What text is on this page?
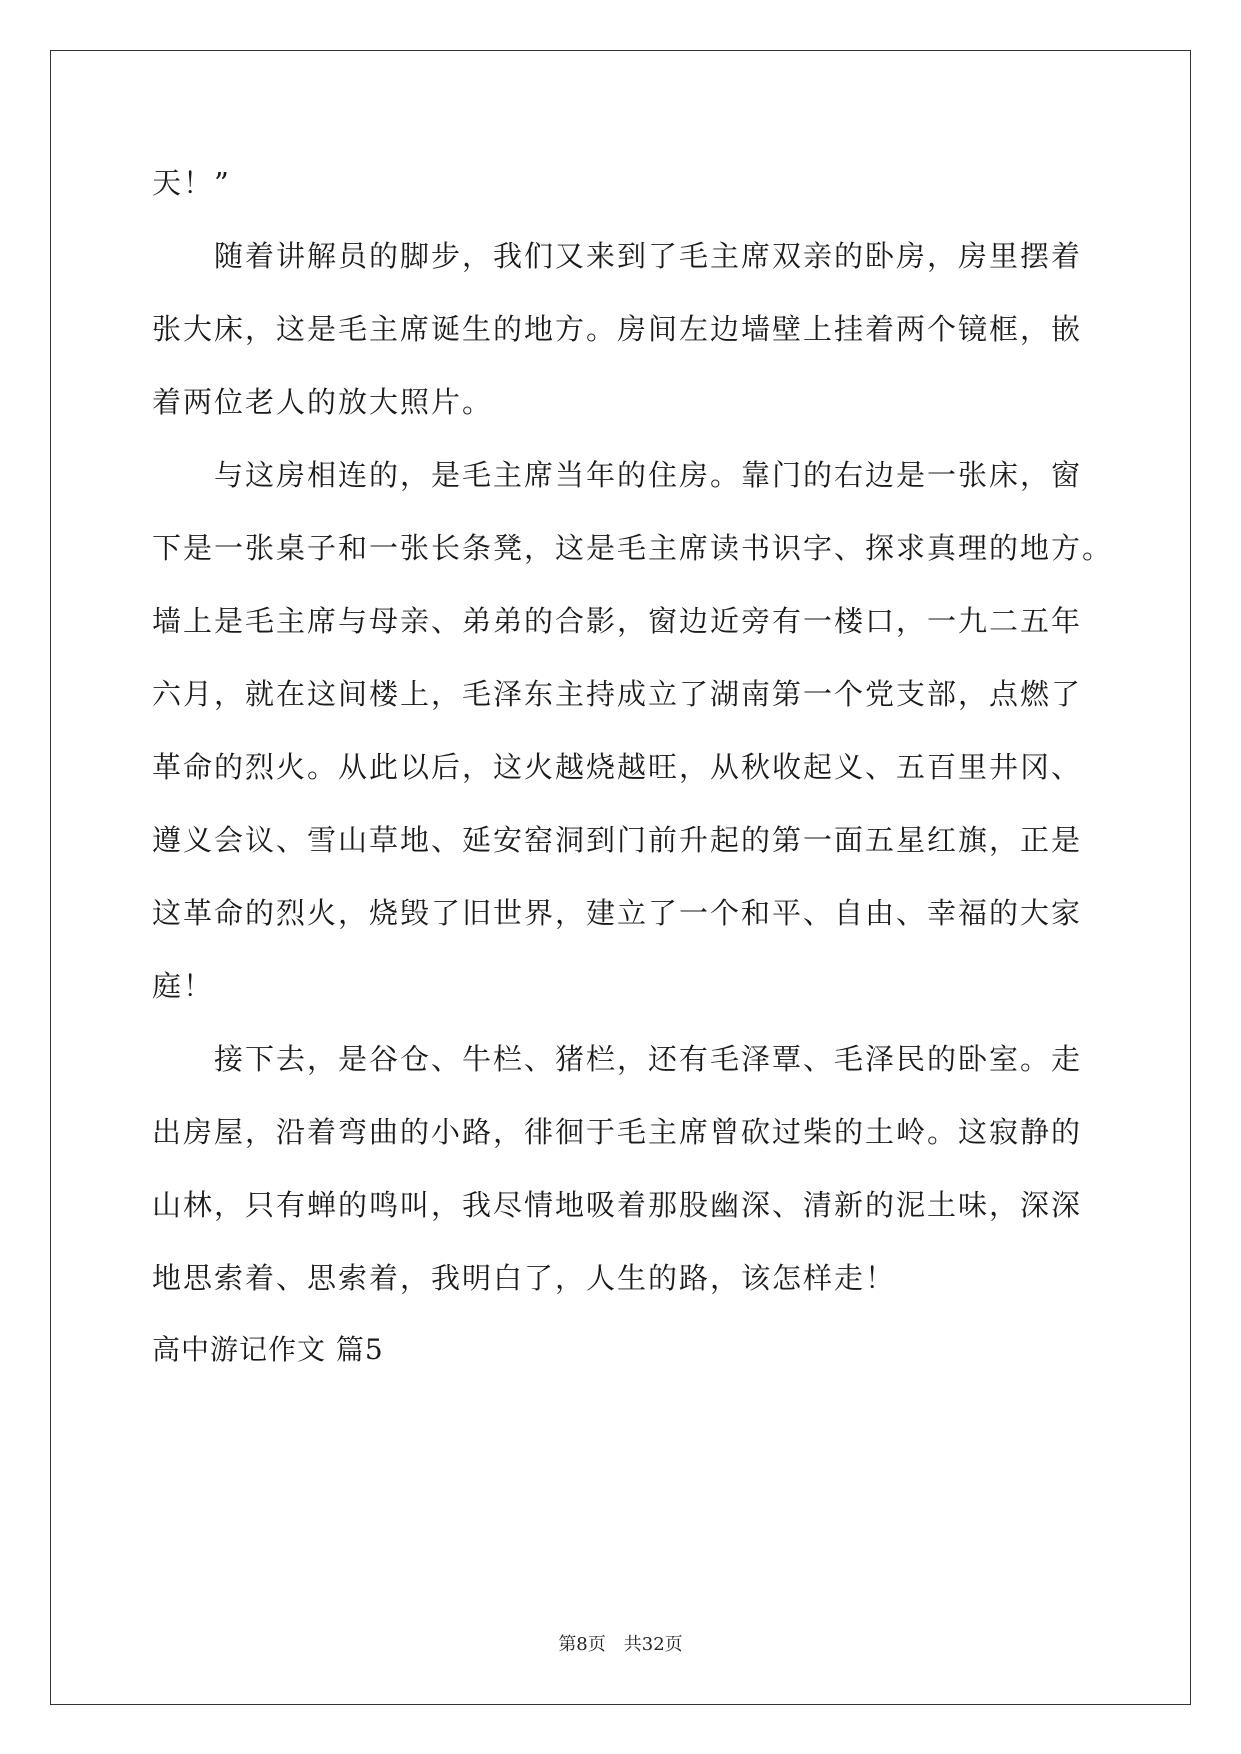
天！”
随着讲解员的脚步，我们又来到了毛主席双亲的卧房，房里摆着
张大床，这是毛主席诞生的地方。房间左边墙壁上挂着两个镜框，嵌
着两位老人的放大照片。
与这房相连的，是毛主席当年的住房。靠门的右边是一张床，窗
下是一张桌子和一张长条凳，这是毛主席读书识字、探求真理的地方。
墙上是毛主席与母亲、弟弟的合影，窗边近旁有一楼口，一九二五年
六月，就在这间楼上，毛泽东主持成立了湖南第一个党支部，点燃了
革命的烈火。从此以后，这火越烧越旺，从秋收起义、五百里井冈、
遵义会议、雪山草地、延安窑洞到门前升起的第一面五星红旗，正是
这革命的烈火，烧毁了旧世界，建立了一个和平、自由、幸福的大家
庭！
接下去，是谷仓、牛栏、猪栏，还有毛泽覃、毛泽民的卧室。走
出房屋，沿着弯曲的小路，徘徊于毛主席曾砍过柴的土岭。这寂静的
山林，只有蝉的鸣叫，我尽情地吸着那股幽深、清新的泥土味，深深
地思索着、思索着，我明白了，人生的路，该怎样走！
高中游记作文 篇5
第8页 共32页
